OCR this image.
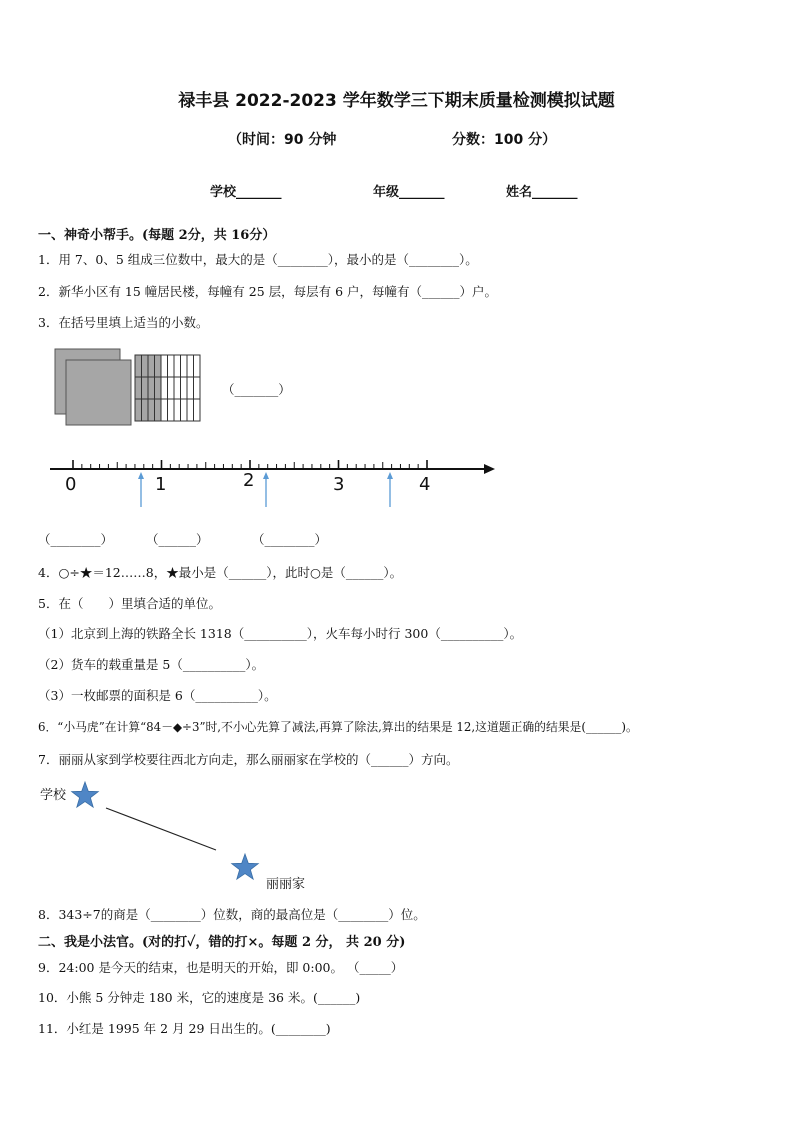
禄丰县 2022-2023 学年数学三下期末质量检测模拟试题
（时间：90 分钟	分数：100 分）
学校_______	年级_______	姓名_______
一、神奇小帮手。(每题 2分，共 16分）
1．用 7、0、5 组成三位数中，最大的是（________），最小的是（________）。
2．新华小区有 15 幢居民楼，每幢有 25 层，每层有 6 户，每幢有（______）户。
3．在括号里填上适当的小数。
（_______）
0	1	2	3	4
（________）	（______）	（________）
4．○÷★＝12……8，★最小是（______），此时○是（______）。
5．在（　　）里填合适的单位。
（1）北京到上海的铁路全长 1318（__________），火车每小时行 300（__________）。
（2）货车的载重量是 5（__________）。
（3）一枚邮票的面积是 6（__________）。
6．“小马虎”在计算“84－◆÷3”时,不小心先算了减法,再算了除法,算出的结果是 12,这道题正确的结果是(______)。
7．丽丽从家到学校要往西北方向走，那么丽丽家在学校的（______）方向。
学校
丽丽家
8．343÷7的商是（________）位数，商的最高位是（________）位。
二、我是小法官。(对的打✓，错的打×。每题 2 分， 共 20 分)
9．24:00 是今天的结束，也是明天的开始，即 0:00。 （_____）
10．小熊 5 分钟走 180 米，它的速度是 36 米。(______)
11．小红是 1995 年 2 月 29 日出生的。(________)
